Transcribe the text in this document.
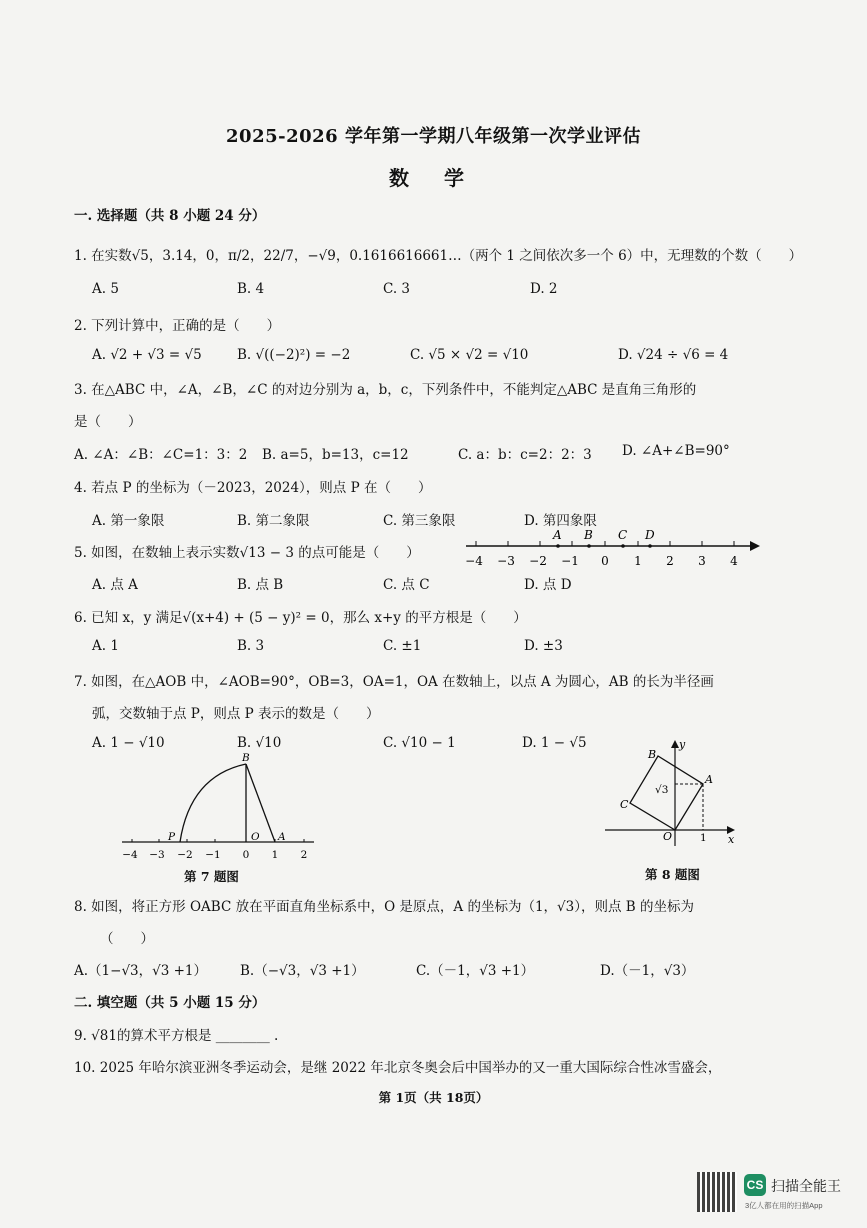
2025-2026 学年第一学期八年级第一次学业评估
数 学
一. 选择题（共 8 小题 24 分）
1. 在实数√5，3.14，0，π/2，22/7，−√9，0.1616616661…（两个 1 之间依次多一个 6）中，无理数的个数（　　）
A. 5	B. 4	C. 3	D. 2
2. 下列计算中，正确的是（　　）
A. √2 + √3 = √5	B. √((−2)²) = −2	C. √5 × √2 = √10	D. √24 ÷ √6 = 4
3. 在△ABC 中，∠A，∠B，∠C 的对边分别为 a，b，c，下列条件中，不能判定△ABC 是直角三角形的
是（　　）
A. ∠A：∠B：∠C=1：3：2 B. a=5，b=13，c=12	C. a：b：c=2：2：3 D. ∠A+∠B=90°
4. 若点 P 的坐标为（－2023，2024），则点 P 在（　　）
A. 第一象限	B. 第二象限	C. 第三象限	D. 第四象限
5. 如图，在数轴上表示实数√13 − 3 的点可能是（　　）
A. 点 A	B. 点 B	C. 点 C	D. 点 D
−4 −3 −2 −1 0 1 2 3 4
A B C D
6. 已知 x，y 满足√(x+4) + (5 − y)² = 0，那么 x+y 的平方根是（　　）
A. 1	B. 3	C. ±1	D. ±3
7. 如图，在△AOB 中，∠AOB=90°，OB=3，OA=1，OA 在数轴上，以点 A 为圆心，AB 的长为半径画
弧，交数轴于点 P，则点 P 表示的数是（　　）
A. 1 − √10	B. √10	C. √10 − 1	D. 1 − √5
−4 −3 −2 −1 0 1 2
P	O A
B
第 7 题图
y
x
A
B
C
O	1
√3
第 8 题图
8. 如图，将正方形 OABC 放在平面直角坐标系中，O 是原点，A 的坐标为（1，√3），则点 B 的坐标为
（　　）
A.（1−√3，√3 +1） B.（−√3，√3 +1）	C.（－1，√3 +1）	D.（－1，√3）
二. 填空题（共 5 小题 15 分）
9. √81的算术平方根是 ________ .
10. 2025 年哈尔滨亚洲冬季运动会，是继 2022 年北京冬奥会后中国举办的又一重大国际综合性冰雪盛会，
第 1页（共 18页）
CS 扫描全能王
3亿人都在用的扫描App
